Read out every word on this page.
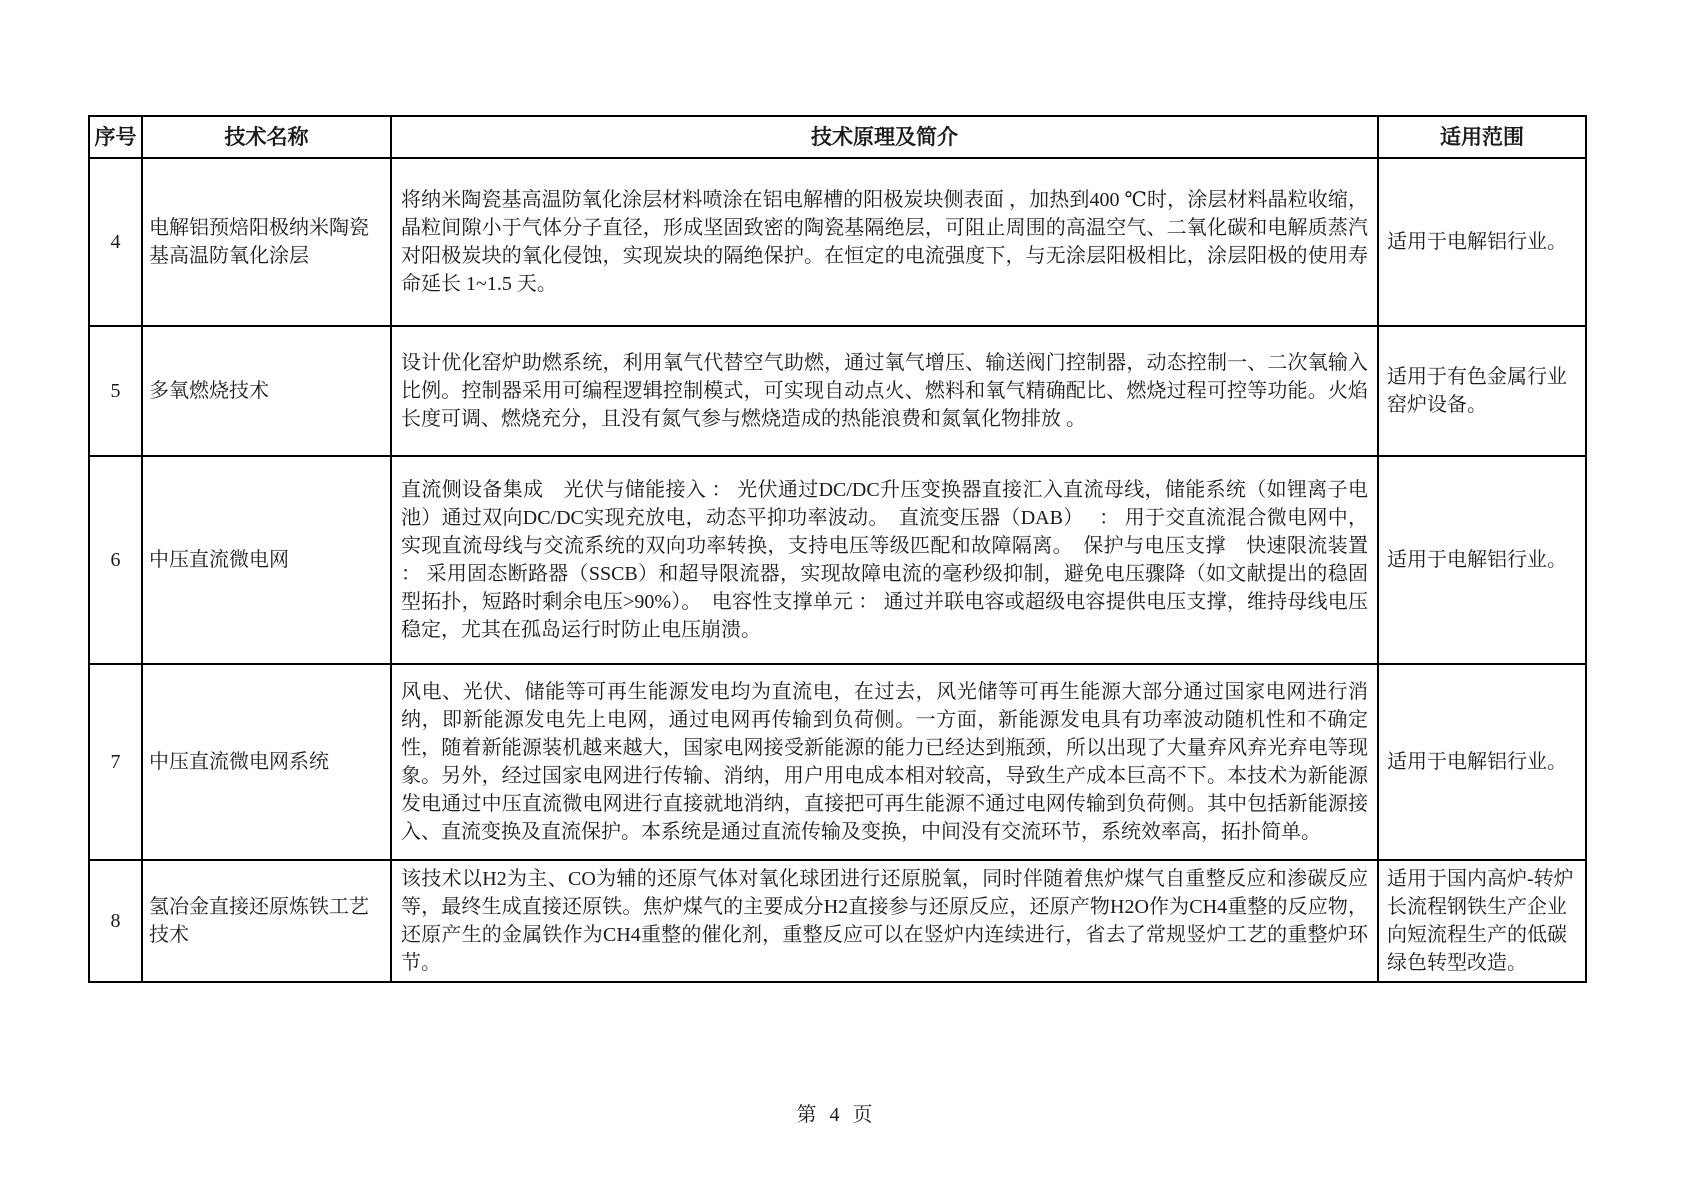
序号	技术名称	技术原理及简介	适用范围
4	电解铝预焙阳极纳米陶瓷基高温防氧化涂层	将纳米陶瓷基高温防氧化涂层材料喷涂在铝电解槽的阳极炭块侧表面 ，加热到400 ℃时，涂层材料晶粒收缩，晶粒间隙小于气体分子直径，形成坚固致密的陶瓷基隔绝层，可阻止周围的高温空气、二氧化碳和电解质蒸汽对阳极炭块的氧化侵蚀，实现炭块的隔绝保护。在恒定的电流强度下，与无涂层阳极相比，涂层阳极的使用寿命延长 1~1.5 天。	适用于电解铝行业。
5	多氧燃烧技术	设计优化窑炉助燃系统，利用氧气代替空气助燃，通过氧气增压、输送阀门控制器，动态控制一、二次氧输入比例。控制器采用可编程逻辑控制模式，可实现自动点火、燃料和氧气精确配比、燃烧过程可控等功能。火焰长度可调、燃烧充分，且没有氮气参与燃烧造成的热能浪费和氮氧化物排放 。	适用于有色金属行业窑炉设备。
6	中压直流微电网	直流侧设备集成　光伏与储能接入 ： 光伏通过DC/DC升压变换器直接汇入直流母线，储能系统（如锂离子电池）通过双向DC/DC实现充放电，动态平抑功率波动。　直流变压器（DAB）　 ： 用于交直流混合微电网中，实现直流母线与交流系统的双向功率转换，支持电压等级匹配和故障隔离。　保护与电压支撑　快速限流装置 ： 采用固态断路器（SSCB）和超导限流器，实现故障电流的毫秒级抑制，避免电压骤降（如文献提出的稳固型拓扑，短路时剩余电压>90%）。　电容性支撑单元 ： 通过并联电容或超级电容提供电压支撑，维持母线电压稳定，尤其在孤岛运行时防止电压崩溃。	适用于电解铝行业。
7	中压直流微电网系统	风电、光伏、储能等可再生能源发电均为直流电，在过去，风光储等可再生能源大部分通过国家电网进行消纳，即新能源发电先上电网，通过电网再传输到负荷侧。一方面，新能源发电具有功率波动随机性和不确定性，随着新能源装机越来越大，国家电网接受新能源的能力已经达到瓶颈，所以出现了大量弃风弃光弃电等现象。另外，经过国家电网进行传输、消纳，用户用电成本相对较高，导致生产成本巨高不下。本技术为新能源发电通过中压直流微电网进行直接就地消纳，直接把可再生能源不通过电网传输到负荷侧。其中包括新能源接入、直流变换及直流保护。本系统是通过直流传输及变换，中间没有交流环节，系统效率高，拓扑简单。	适用于电解铝行业。
8	氢冶金直接还原炼铁工艺技术	该技术以H2为主、CO为辅的还原气体对氧化球团进行还原脱氧，同时伴随着焦炉煤气自重整反应和渗碳反应等，最终生成直接还原铁。焦炉煤气的主要成分H2直接参与还原反应，还原产物H2O作为CH4重整的反应物，还原产生的金属铁作为CH4重整的催化剂，重整反应可以在竖炉内连续进行，省去了常规竖炉工艺的重整炉环节。	适用于国内高炉-转炉长流程钢铁生产企业向短流程生产的低碳绿色转型改造。
第 4 页
